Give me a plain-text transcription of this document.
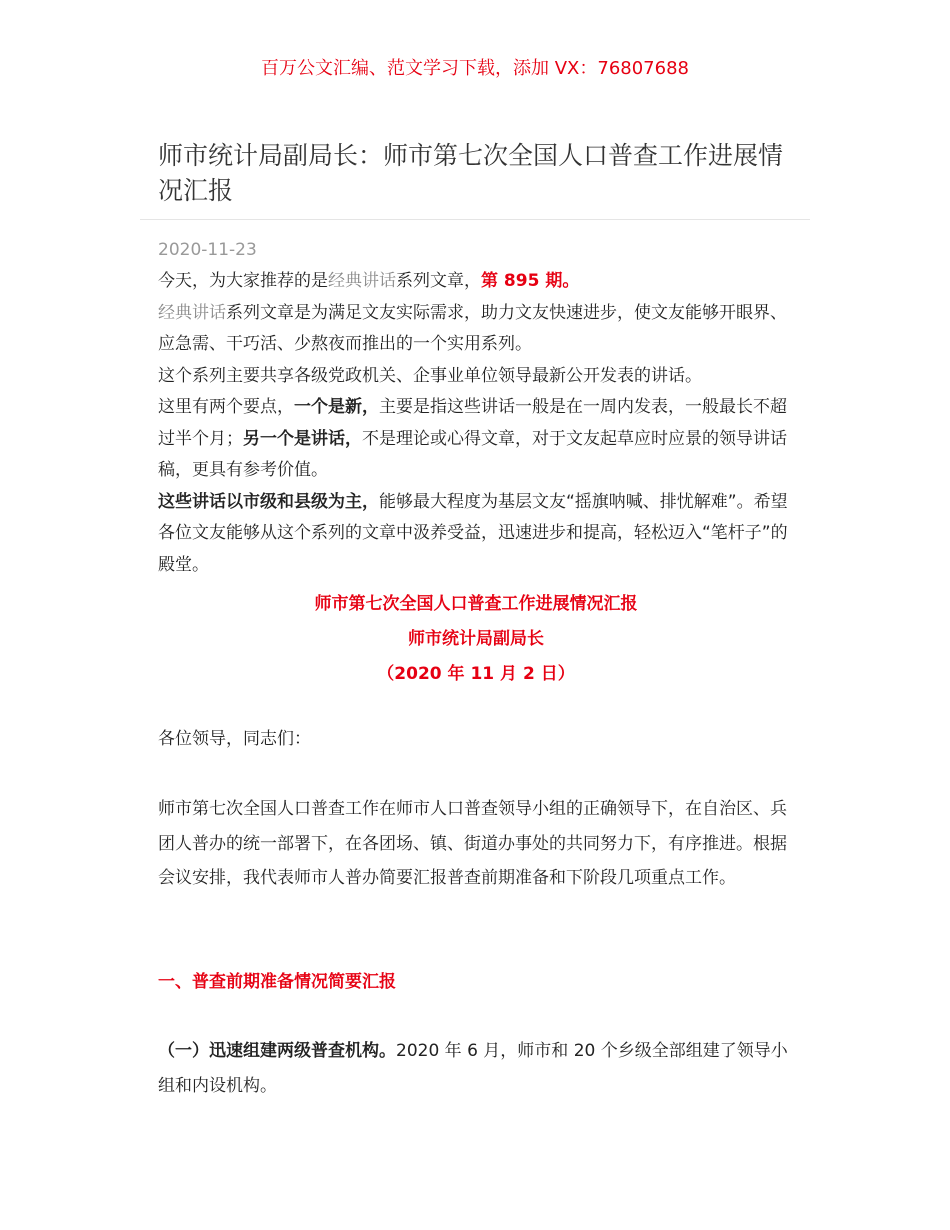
百万公文汇编、范文学习下载，添加 VX：76807688
师市统计局副局长：师市第七次全国人口普查工作进展情况汇报
2020-11-23

今天，为大家推荐的是经典讲话系列文章，第 895 期。

经典讲话系列文章是为满足文友实际需求，助力文友快速进步，使文友能够开眼界、应急需、干巧活、少熬夜而推出的一个实用系列。

这个系列主要共享各级党政机关、企事业单位领导最新公开发表的讲话。

这里有两个要点，一个是新，主要是指这些讲话一般是在一周内发表，一般最长不超过半个月；另一个是讲话，不是理论或心得文章，对于文友起草应时应景的领导讲话稿，更具有参考价值。

这些讲话以市级和县级为主，能够最大程度为基层文友“摇旗呐喊、排忧解难”。希望各位文友能够从这个系列的文章中汲养受益，迅速进步和提高，轻松迈入“笔杆子”的殿堂。

师市第七次全国人口普查工作进展情况汇报
师市统计局副局长
（2020 年 11 月 2 日）
各位领导，同志们：
师市第七次全国人口普查工作在师市人口普查领导小组的正确领导下，在自治区、兵团人普办的统一部署下，在各团场、镇、街道办事处的共同努力下，有序推进。根据会议安排，我代表师市人普办简要汇报普查前期准备和下阶段几项重点工作。
一、普查前期准备情况简要汇报
（一）迅速组建两级普查机构。2020 年 6 月，师市和 20 个乡级全部组建了领导小组和内设机构。
